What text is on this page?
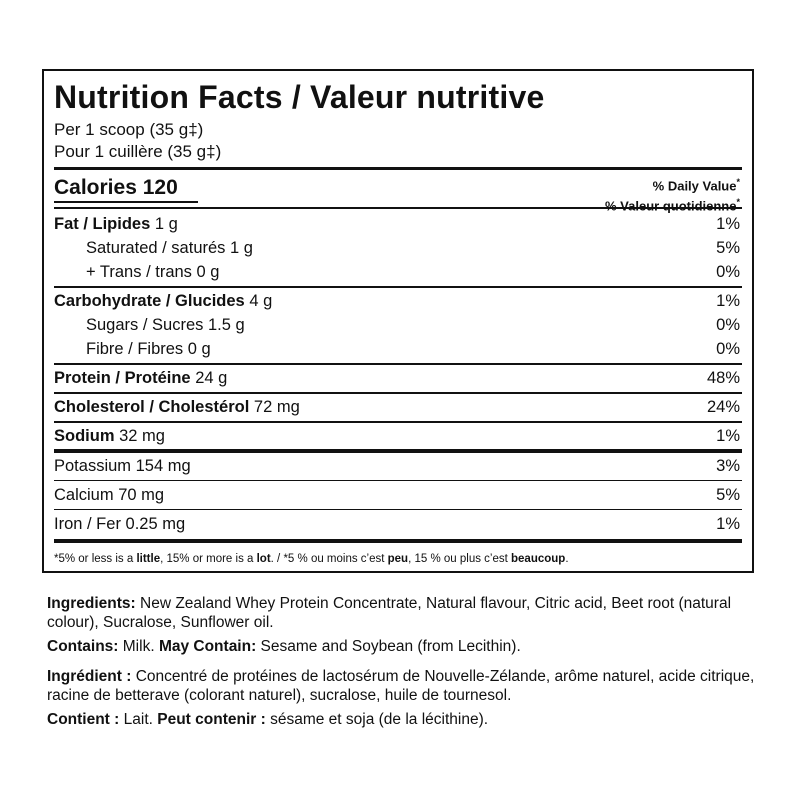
Nutrition Facts / Valeur nutritive
Per 1 scoop (35 g‡)
Pour 1 cuillère (35 g‡)
Calories 120	% Daily Value*
*
Fat / Lipides 1 g	1%
Saturated / saturés 1 g	5%
+ Trans / trans 0 g	0%
Carbohydrate / Glucides 4 g	1%
Sugars / Sucres 1.5 g	0%
Fibre / Fibres 0 g	0%
Protein / Protéine 24 g	48%
Cholesterol / Cholestérol 72 mg	24%
Sodium 32 mg	1%
Potassium 154 mg	3%
Calcium 70 mg	5%
Iron / Fer 0.25 mg	1%
*5% or less is a little, 15% or more is a lot. / *5 % ou moins c’est peu, 15 % ou plus c’est beaucoup.
Ingredients: New Zealand Whey Protein Concentrate, Natural flavour, Citric acid, Beet root (natural colour), Sucralose, Sunflower oil.
Contains: Milk. May Contain: Sesame and Soybean (from Lecithin).
Ingrédient : Concentré de protéines de lactosérum de Nouvelle-Zélande, arôme naturel, acide citrique, racine de betterave (colorant naturel), sucralose, huile de tournesol.
Contient : Lait. Peut contenir : sésame et soja (de la lécithine).
